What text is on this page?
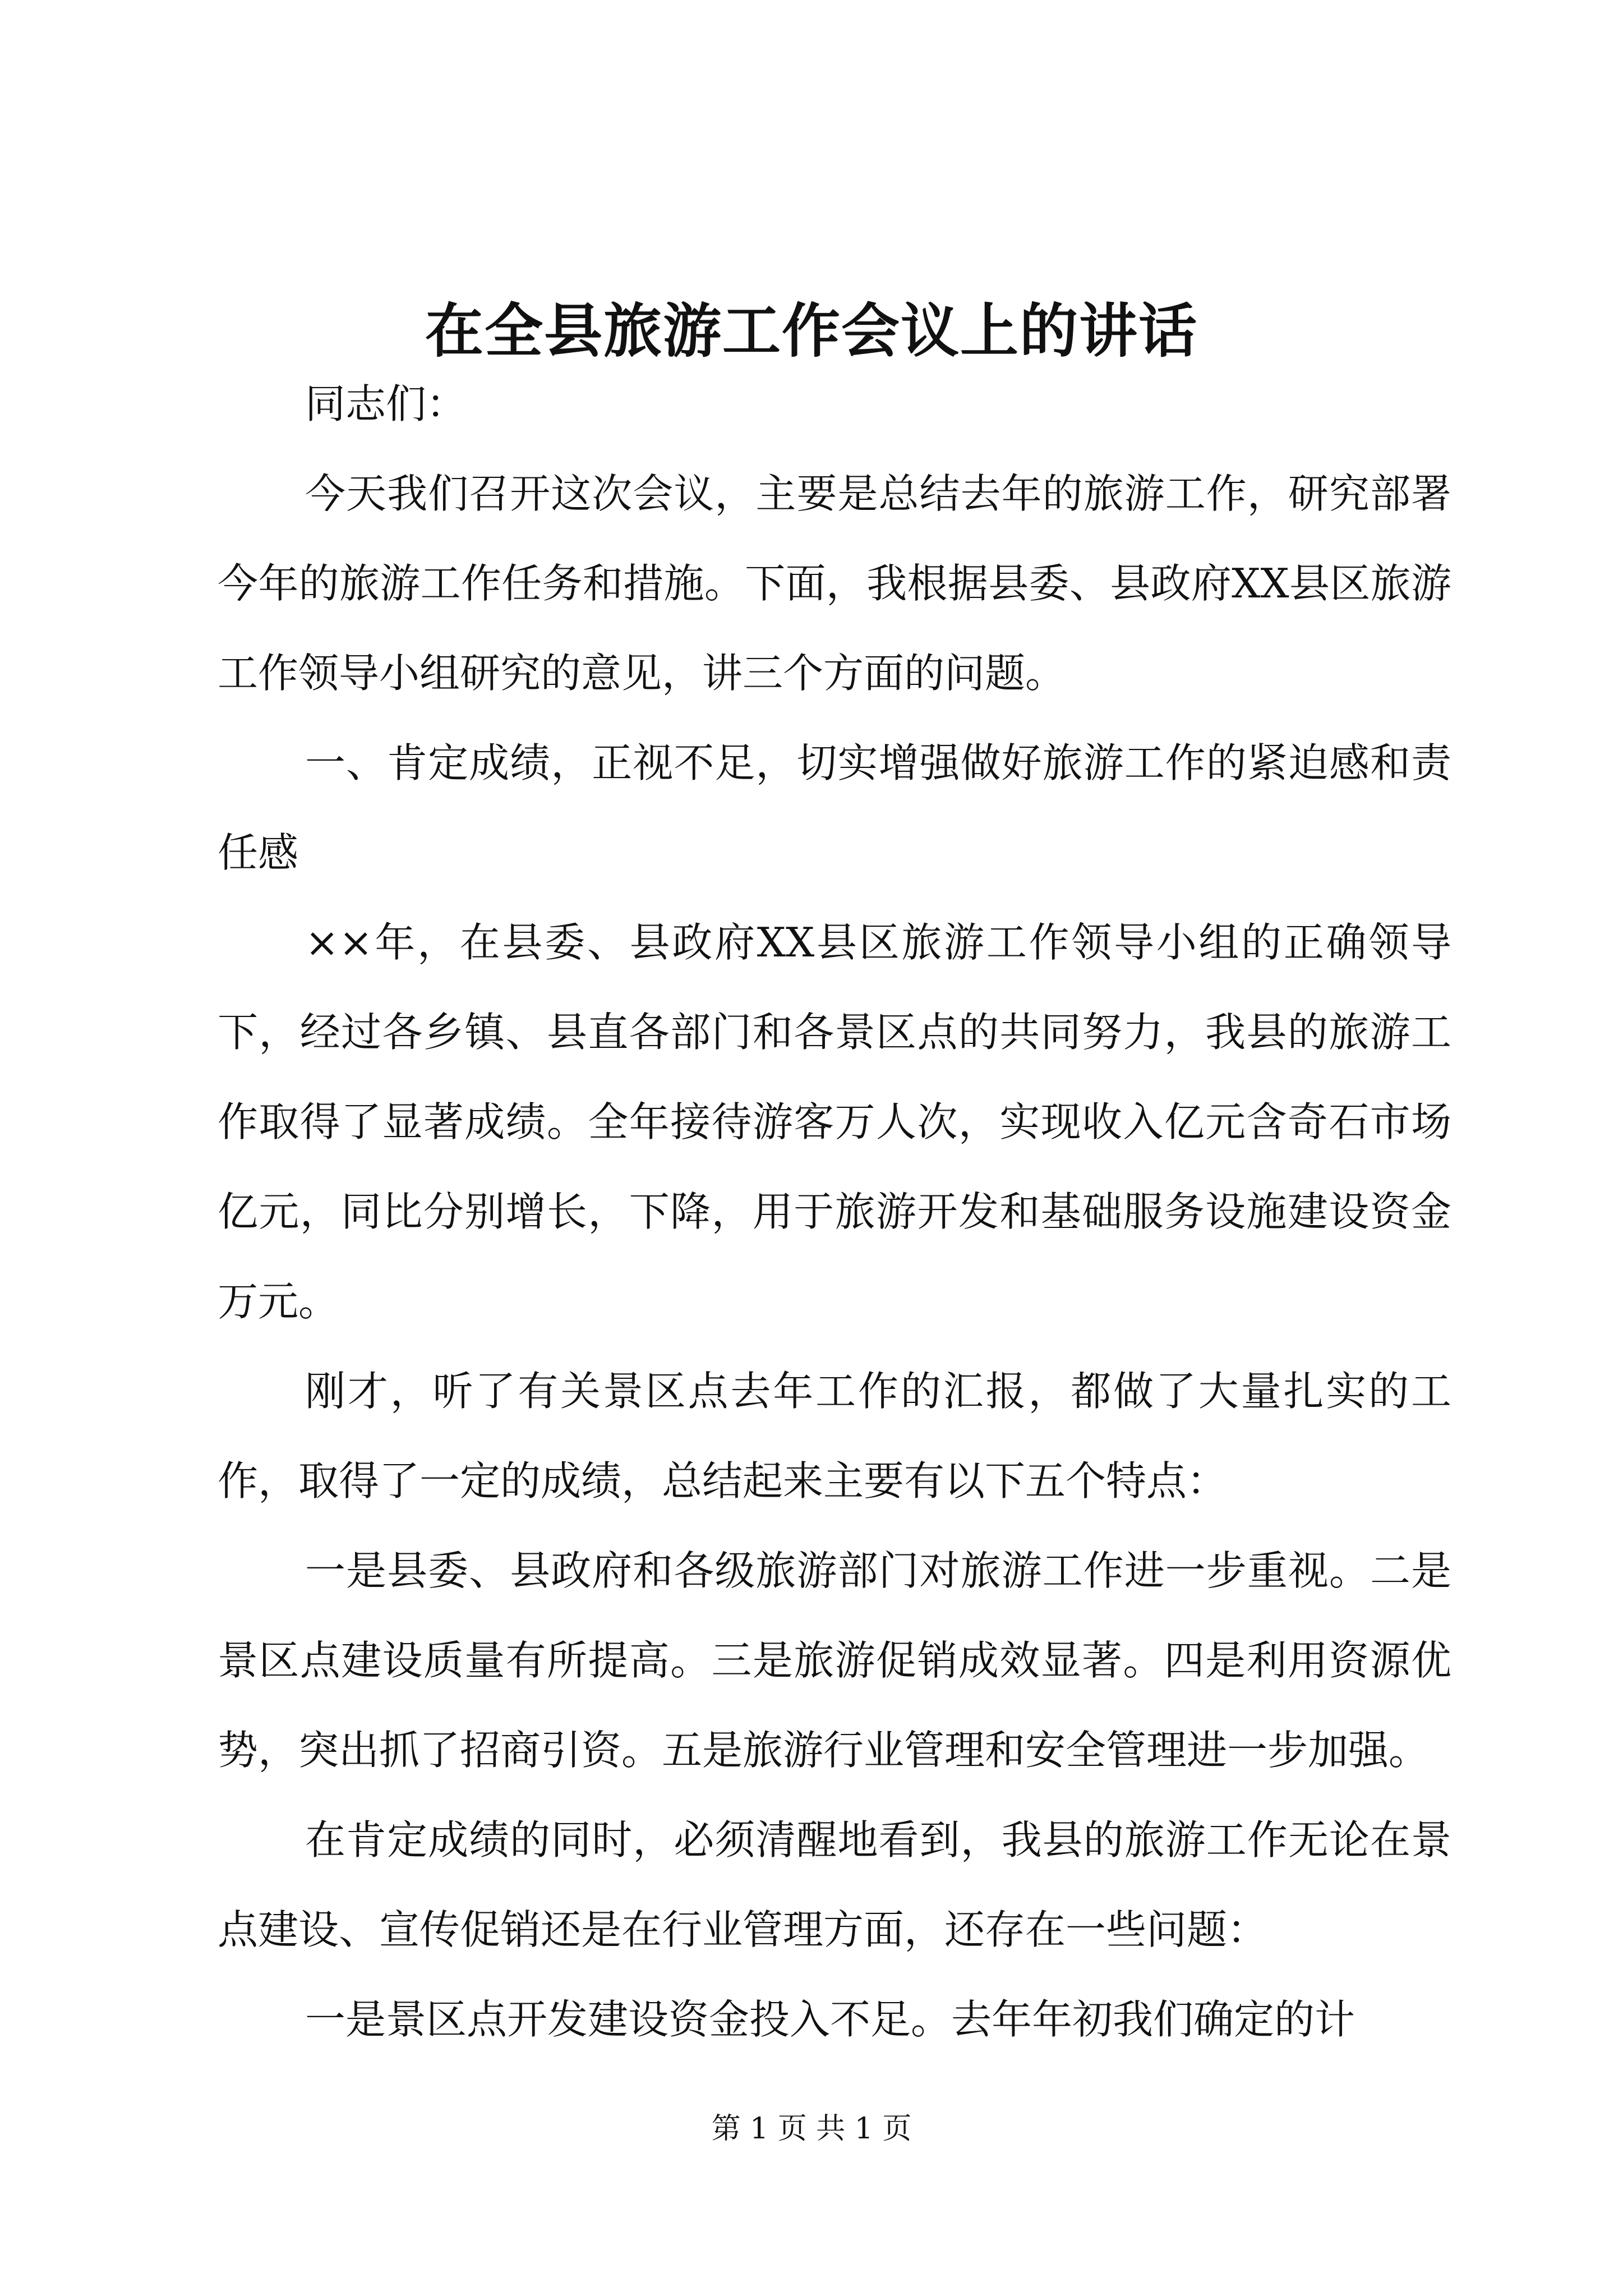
在全县旅游工作会议上的讲话

同志们：

今天我们召开这次会议，主要是总结去年的旅游工作，研究部署今年的旅游工作任务和措施。下面，我根据县委、县政府XX县区旅游工作领导小组研究的意见，讲三个方面的问题。

一、肯定成绩，正视不足，切实增强做好旅游工作的紧迫感和责任感

××年，在县委、县政府XX县区旅游工作领导小组的正确领导下，经过各乡镇、县直各部门和各景区点的共同努力，我县的旅游工作取得了显著成绩。全年接待游客万人次，实现收入亿元含奇石市场亿元，同比分别增长，下降，用于旅游开发和基础服务设施建设资金万元。

刚才，听了有关景区点去年工作的汇报，都做了大量扎实的工作，取得了一定的成绩，总结起来主要有以下五个特点：

一是县委、县政府和各级旅游部门对旅游工作进一步重视。二是景区点建设质量有所提高。三是旅游促销成效显著。四是利用资源优势，突出抓了招商引资。五是旅游行业管理和安全管理进一步加强。

在肯定成绩的同时，必须清醒地看到，我县的旅游工作无论在景点建设、宣传促销还是在行业管理方面，还存在一些问题：

一是景区点开发建设资金投入不足。去年年初我们确定的计

第 1 页 共 1 页
